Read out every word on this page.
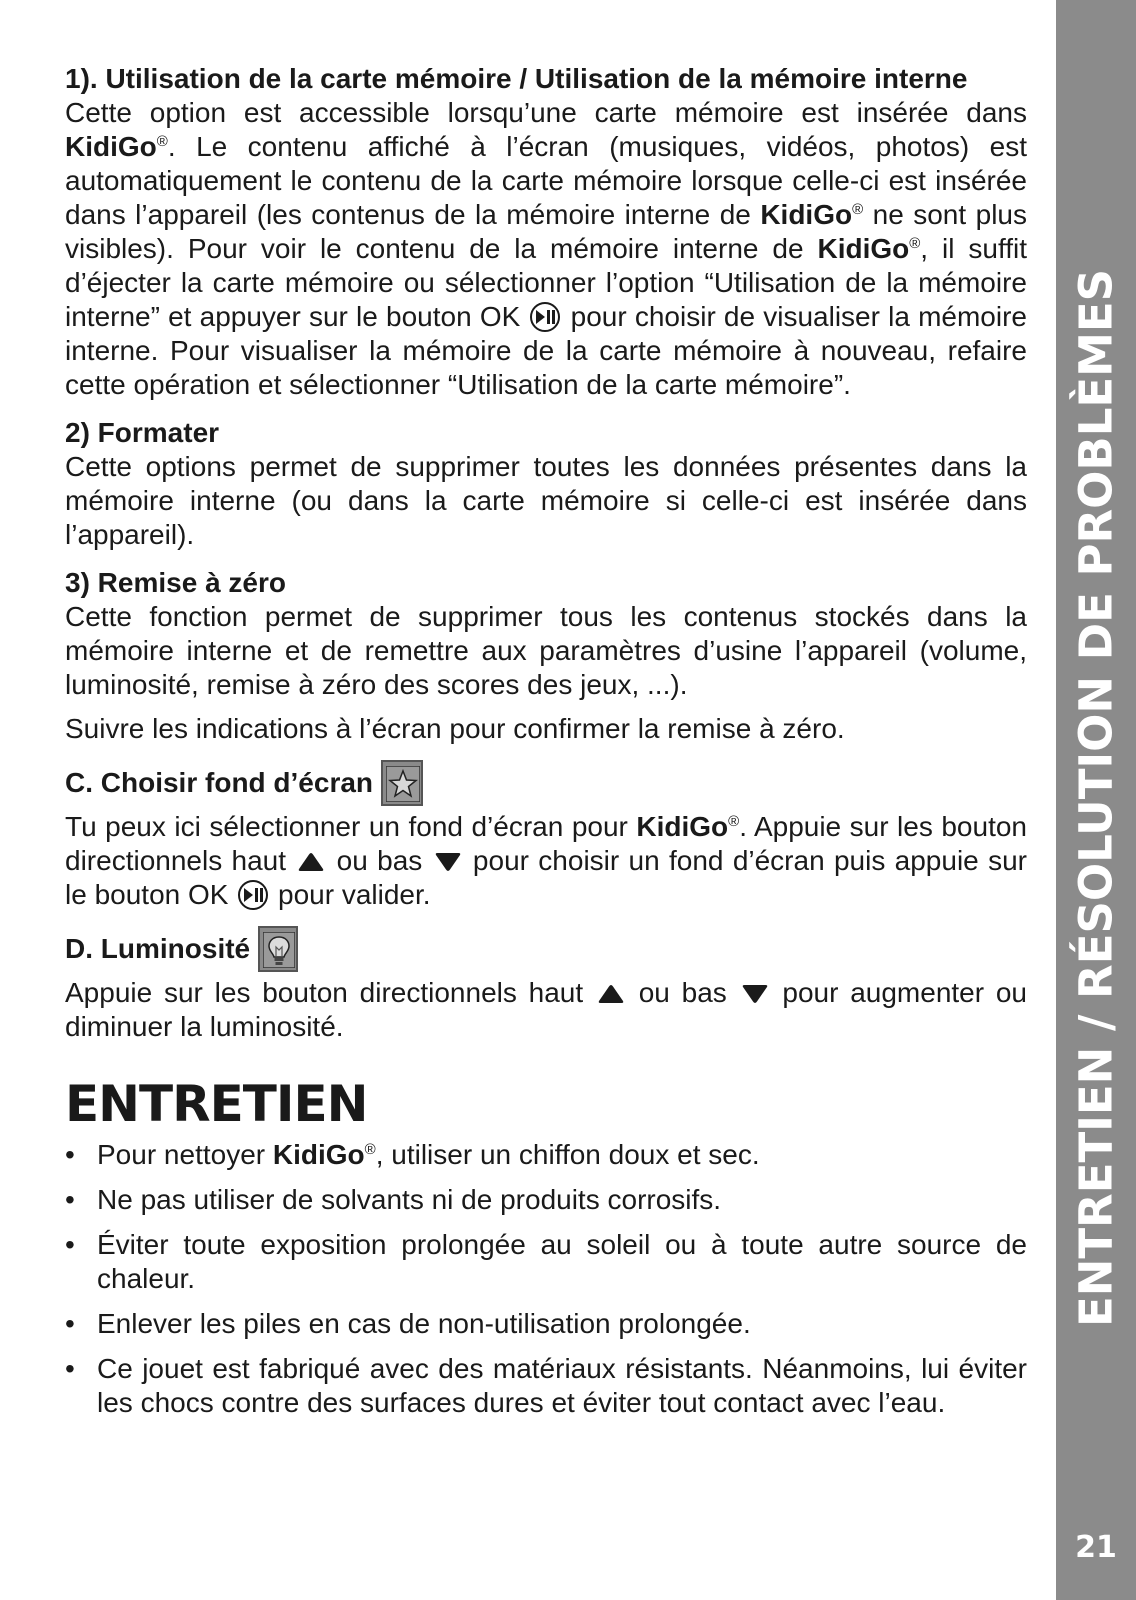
1). Utilisation de la carte mémoire / Utilisation de la mémoire interne

Cette option est accessible lorsqu’une carte mémoire est insérée dans KidiGo®. Le contenu affiché à l’écran (musiques, vidéos, photos) est automatiquement le contenu de la carte mémoire lorsque celle-ci est insérée dans l’appareil (les contenus de la mémoire interne de KidiGo® ne sont plus visibles). Pour voir le contenu de la mémoire interne de KidiGo®, il suffit d’éjecter la carte mémoire ou sélectionner l’option “Utilisation de la mémoire interne” et appuyer sur le bouton OK
pour choisir de visualiser la mémoire interne. Pour visualiser la mémoire de la carte mémoire à nouveau, refaire cette opération et sélectionner “Utilisation de la carte mémoire”.

2) Formater

Cette options permet de supprimer toutes les données présentes dans la mémoire interne (ou dans la carte mémoire si celle-ci est insérée dans l’appareil).

3) Remise à zéro

Cette fonction permet de supprimer tous les contenus stockés dans la mémoire interne et de remettre aux paramètres d’usine l’appareil (volume, luminosité, remise à zéro des scores des jeux, ...).

Suivre les indications à l’écran pour confirmer la remise à zéro.

C. Choisir fond d’écran

Tu peux ici sélectionner un fond d’écran pour KidiGo®. Appuie sur les bouton directionnels haut  ou bas  pour choisir un fond d’écran puis appuie sur le bouton OK
pour valider.

D. Luminosité

Appuie sur les bouton directionnels haut  ou bas  pour augmenter ou diminuer la luminosité.

ENTRETIEN
• Pour nettoyer KidiGo®, utiliser un chiffon doux et sec.
• Ne pas utiliser de solvants ni de produits corrosifs.
• Éviter toute exposition prolongée au soleil ou à toute autre source de chaleur.
• Enlever les piles en cas de non-utilisation prolongée.
• Ce jouet est fabriqué avec des matériaux résistants. Néanmoins, lui éviter les chocs contre des surfaces dures et éviter tout contact avec l’eau.
ENTRETIEN / RÉSOLUTION DE PROBLÈMES
21
